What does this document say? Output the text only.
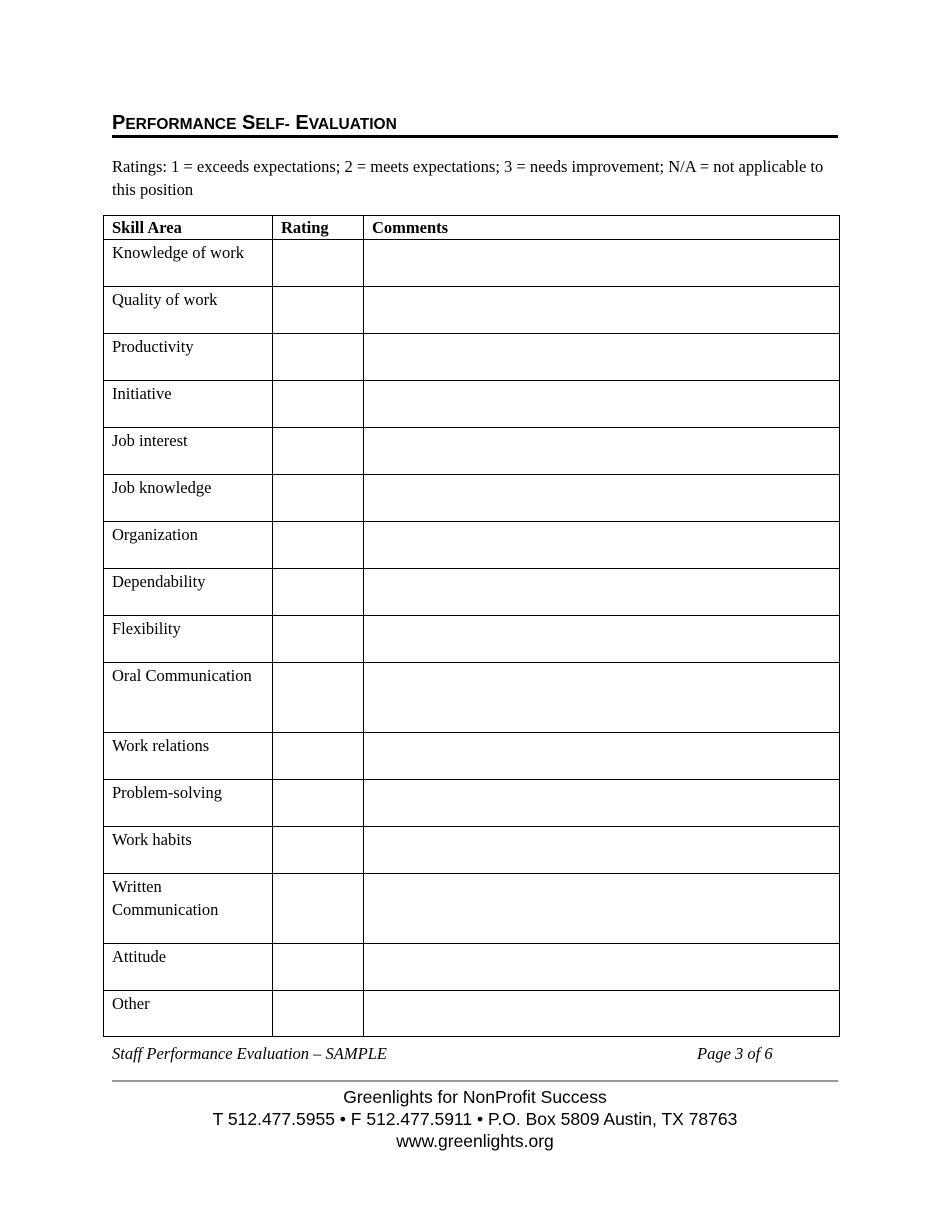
PERFORMANCE SELF- EVALUATION
Ratings: 1 = exceeds expectations; 2 = meets expectations; 3 = needs improvement; N/A = not applicable to this position
Skill Area	Rating	Comments
Knowledge of work		
Quality of work		
Productivity		
Initiative		
Job interest		
Job knowledge		
Organization		
Dependability		
Flexibility		
Oral Communication		
Work relations		
Problem-solving		
Work habits		
Written Communication		
Attitude		
Other		
Staff Performance Evaluation – SAMPLE	Page 3 of 6
Greenlights for NonProfit Success
T 512.477.5955 • F 512.477.5911 • P.O. Box 5809 Austin, TX 78763
www.greenlights.org
